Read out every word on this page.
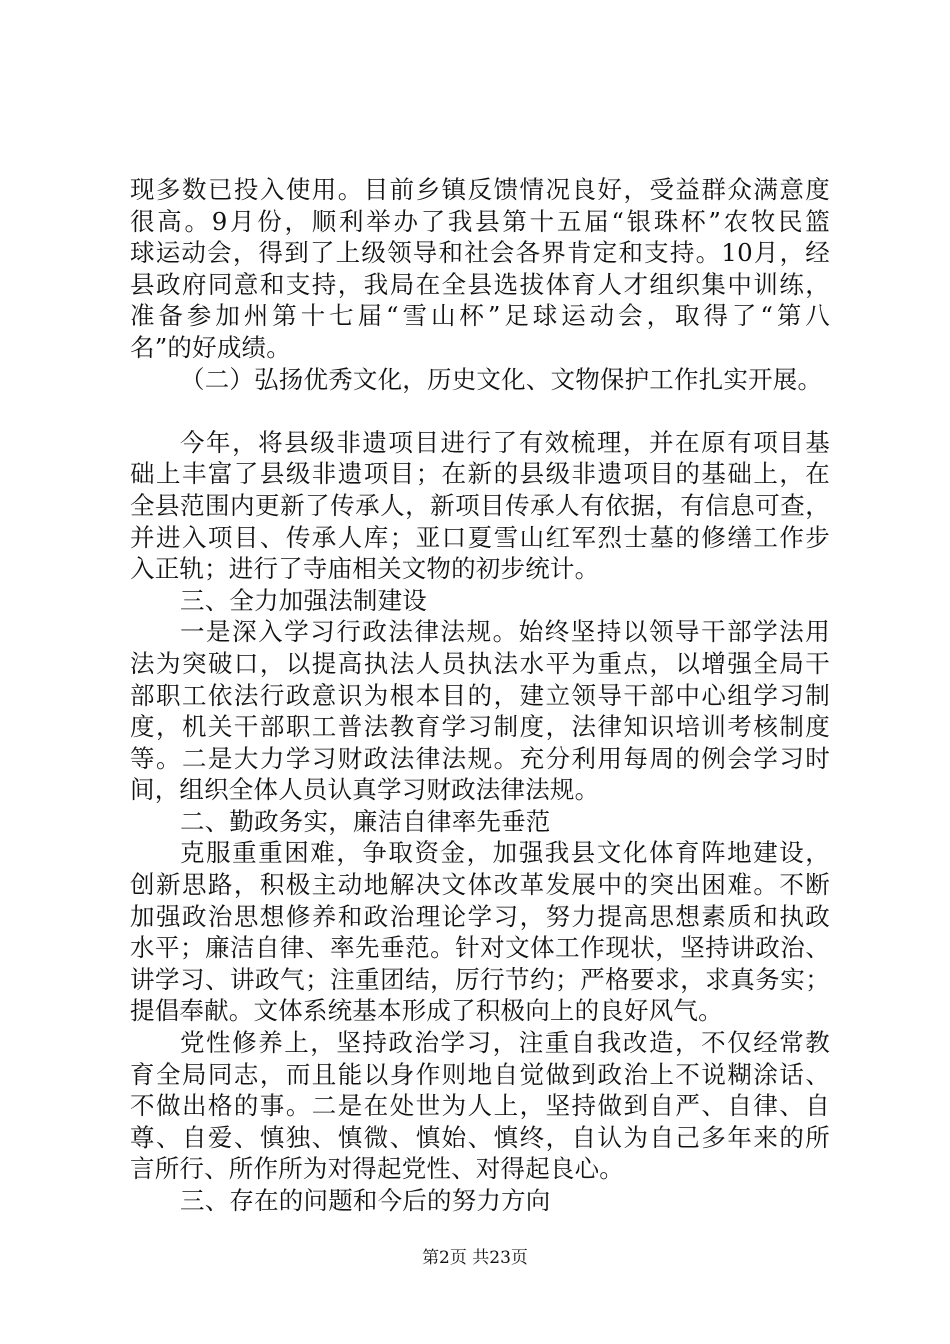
现多数已投入使用。目前乡镇反馈情况良好，受益群众满意度
很高。9月份，顺利举办了我县第十五届“银珠杯”农牧民篮
球运动会，得到了上级领导和社会各界肯定和支持。10月，经
县政府同意和支持，我局在全县选拔体育人才组织集中训练，
准备参加州第十七届“雪山杯”足球运动会，取得了“第八
名”的好成绩。
（二）弘扬优秀文化，历史文化、文物保护工作扎实开展。
今年，将县级非遗项目进行了有效梳理，并在原有项目基
础上丰富了县级非遗项目；在新的县级非遗项目的基础上，在
全县范围内更新了传承人，新项目传承人有依据，有信息可查，
并进入项目、传承人库；亚口夏雪山红军烈士墓的修缮工作步
入正轨；进行了寺庙相关文物的初步统计。
三、全力加强法制建设
一是深入学习行政法律法规。始终坚持以领导干部学法用
法为突破口，以提高执法人员执法水平为重点，以增强全局干
部职工依法行政意识为根本目的，建立领导干部中心组学习制
度，机关干部职工普法教育学习制度，法律知识培训考核制度
等。二是大力学习财政法律法规。充分利用每周的例会学习时
间，组织全体人员认真学习财政法律法规。
二、勤政务实，廉洁自律率先垂范
克服重重困难，争取资金，加强我县文化体育阵地建设，
创新思路，积极主动地解决文体改革发展中的突出困难。不断
加强政治思想修养和政治理论学习，努力提高思想素质和执政
水平；廉洁自律、率先垂范。针对文体工作现状，坚持讲政治、
讲学习、讲政气；注重团结，厉行节约；严格要求，求真务实；
提倡奉献。文体系统基本形成了积极向上的良好风气。
党性修养上，坚持政治学习，注重自我改造，不仅经常教
育全局同志，而且能以身作则地自觉做到政治上不说糊涂话、
不做出格的事。二是在处世为人上，坚持做到自严、自律、自
尊、自爱、慎独、慎微、慎始、慎终，自认为自己多年来的所
言所行、所作所为对得起党性、对得起良心。
三、存在的问题和今后的努力方向
第2页 共23页
